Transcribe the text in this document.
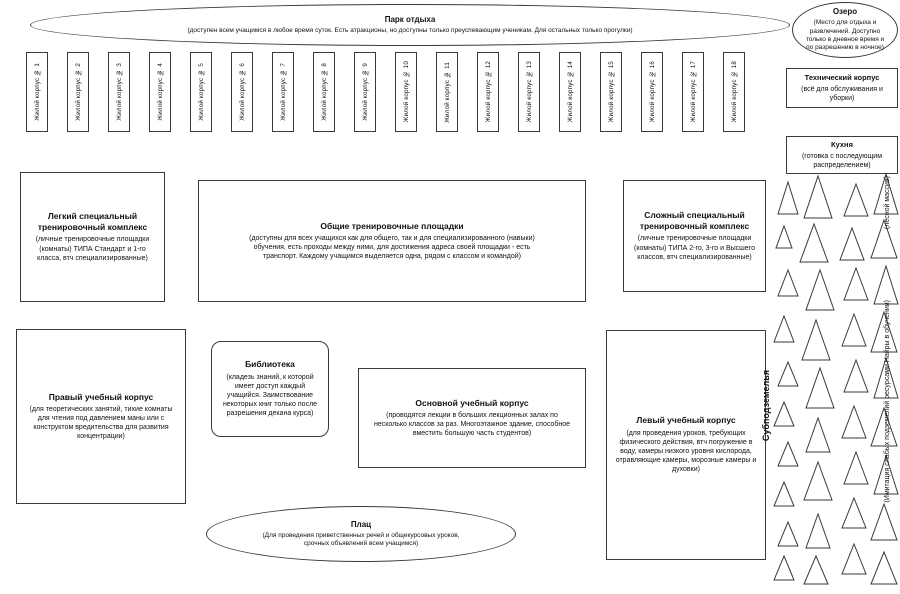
Парк отдыха
(доступен всем учащимся в любое время суток. Есть атракционы, но доступны только преуспевающим ученикам. Для остальных только прогулки)
Озеро
(Место для отдыха и развлечений. Доступно только в дневное время и по разрешению в ночное)
Технический корпус
(всё для обслуживания и уборки)
Кухня
(готовка с последующим распределением)
Жилой корпус № 1	Жилой корпус № 2	Жилой корпус № 3	Жилой корпус № 4	Жилой корпус № 5	Жилой корпус № 6	Жилой корпус № 7	Жилой корпус № 8	Жилой корпус № 9	Жилой корпус № 10	Жилой корпус № 11	Жилой корпус № 12	Жилой корпус № 13	Жилой корпус № 14	Жилой корпус № 15	Жилой корпус № 16	Жилой корпус № 17	Жилой корпус № 18
Легкий специальный тренировочный комплекс
(личные тренировочные площадки (комнаты) ТИПА Стандарт и 1-го класса, втч специализированные)
Общие тренировочные площадки
(доступны для всех учащихся как для общего, так и для специализированного (навыки) обучения, есть проходы между ними, для достижения адреса своей площадки - есть транспорт. Каждому учащимся выделяется одна, рядом с классом и командой)
Сложный специальный тренировочный комплекс
(личные тренировочные площадки (комнаты) ТИПА 2-го, 3-го и Высшего классов, втч специализированные)
Правый учебный корпус
(для теоретических занятий, тихие комнаты для чтения под давлением маны или с конструктом вредительства для развития концентрации)
Библиотека
(кладезь знаний, к которой имеет доступ каждый учащийся. Заимствование некоторых книг только после разрешения декана курса)
Основной учебный корпус
(проводятся лекции в больших лекционных залах по несколько классов за раз. Многоэтажное здание, способное вместить большую часть студентов)
Левый учебный корпус
(для проведения уроков, требующих физического действия, втч погружение в воду, камеры низкого уровня кислорода, отравляющие камеры, морозные камеры и духовки)
Плац
(Для проведения приветственных речей и общекурсовых уроков, срочных объявлений всем учащимся)
(лесной массив)
Субподземелья	(Имитация слабых подземелий ресурсами Найры в обучении)
